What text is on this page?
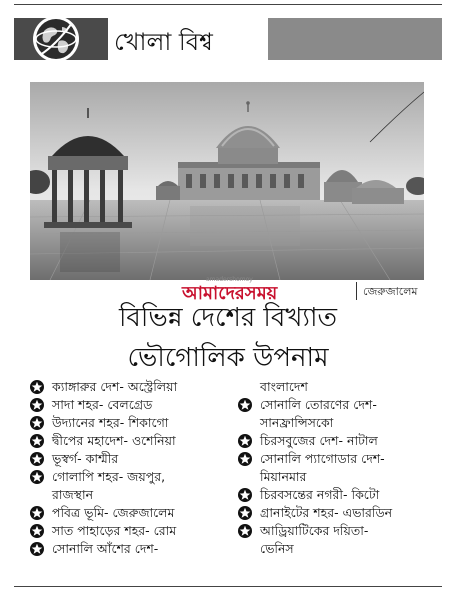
খোলা বিশ্ব
amadershomoy
আমাদেরসময়	জেরুজালেম
বিভিন্ন দেশের বিখ্যাত
ভৌগোলিক উপনাম
ক্যাঙ্গারুর দেশ- অস্ট্রেলিয়া
সাদা শহর- বেলগ্রেড
উদ্যানের শহর- শিকাগো
দ্বীপের মহাদেশ- ওশেনিয়া
ভূস্বর্গ- কাশ্মীর
গোলাপি শহর- জয়পুর,
রাজস্থান
পবিত্র ভূমি- জেরুজালেম
সাত পাহাড়ের শহর- রোম
সোনালি আঁশের দেশ-
বাংলাদেশ
সোনালি তোরণের দেশ-
সানফ্রান্সিসকো
চিরসবুজের দেশ- নাটাল
সোনালি প্যাগোডার দেশ-
মিয়ানমার
চিরবসন্তের নগরী- কিটো
গ্রানাইটের শহর- এভারডিন
আড্রিয়াটিকের দয়িতা-
ভেনিস
